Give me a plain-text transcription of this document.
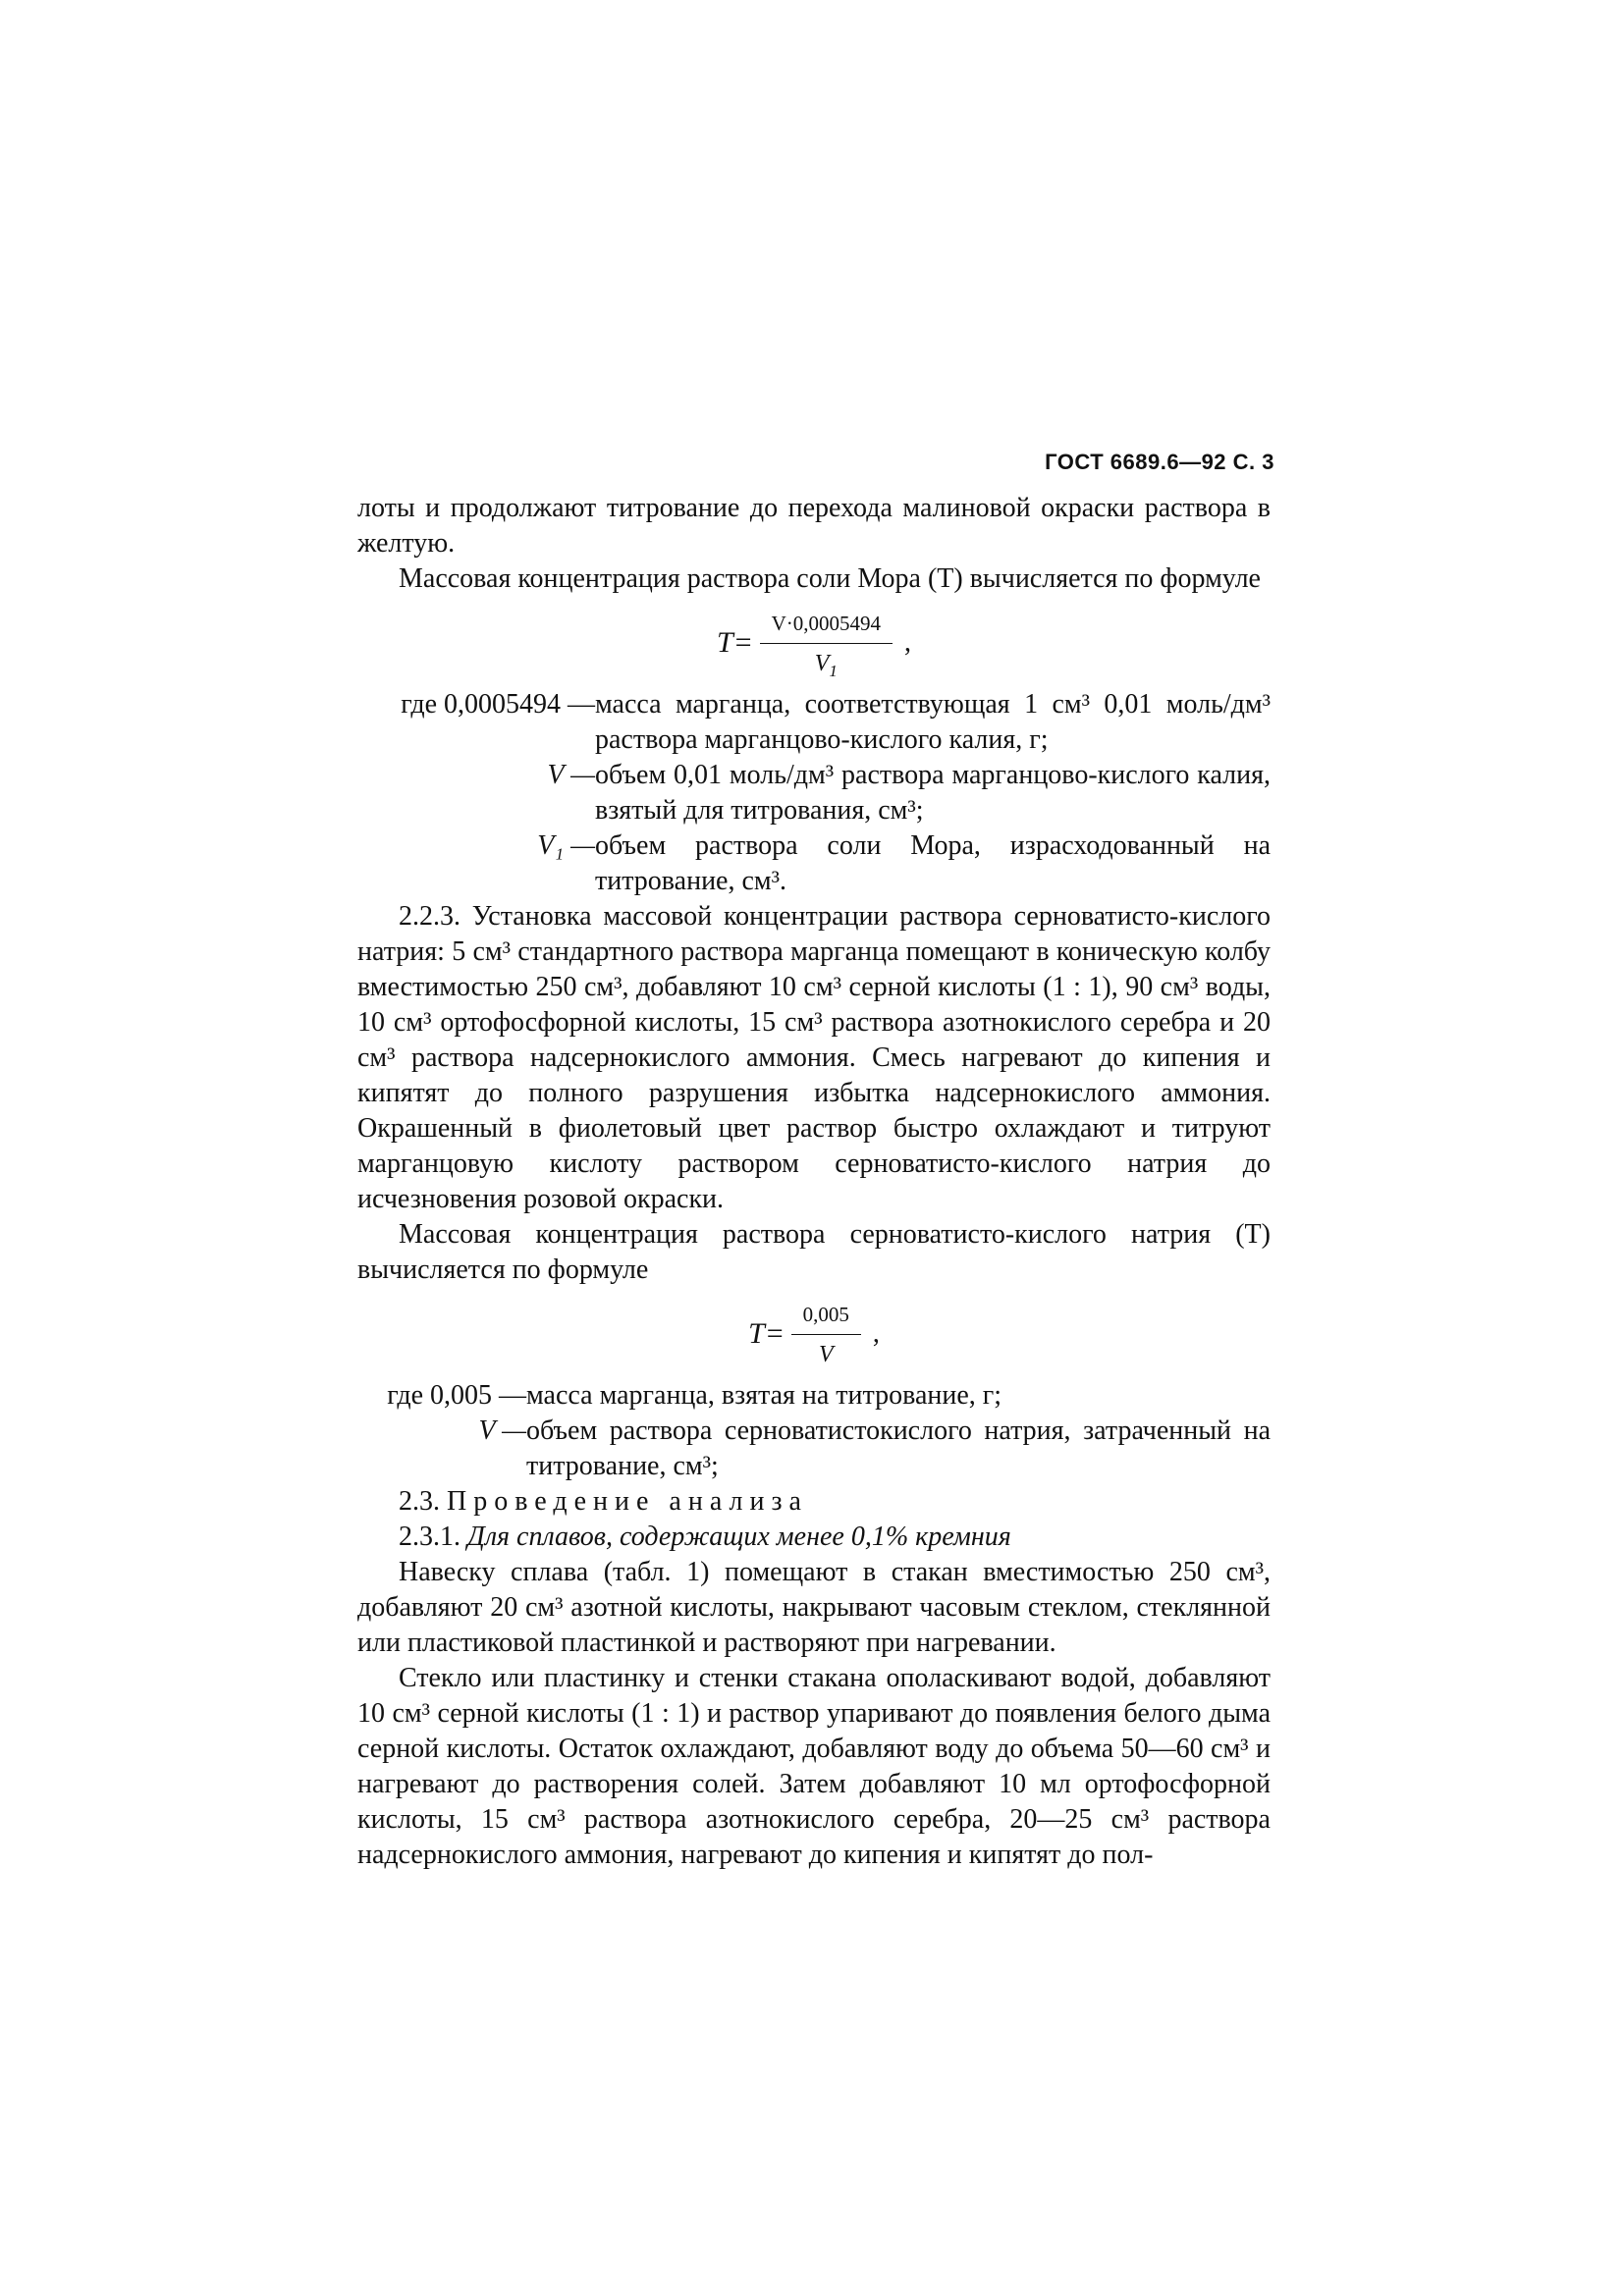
ГОСТ 6689.6—92 С. 3

лоты и продолжают титрование до перехода малиновой окраски раствора в желтую.

Массовая концентрация раствора соли Мора (T) вычисляется по формуле

$T = \frac{V\cdot 0,0005494}{V_1}$ ,
где 0,0005494 — масса марганца, соответствующая 1 см³ 0,01 моль/дм³ раствора марганцово-кислого калия, г;
V — объем 0,01 моль/дм³ раствора марганцово-кислого калия, взятый для титрования, см³;
V₁ — объем раствора соли Мора, израсходованный на титрование, см³.

2.2.3. Установка массовой концентрации раствора серноватисто-кислого натрия: 5 см³ стандартного раствора марганца помещают в коническую колбу вместимостью 250 см³, добавляют 10 см³ серной кислоты (1 : 1), 90 см³ воды, 10 см³ ортофосфорной кислоты, 15 см³ раствора азотнокислого серебра и 20 см³ раствора надсернокислого аммония. Смесь нагревают до кипения и кипятят до полного разрушения избытка надсернокислого аммония. Окрашенный в фиолетовый цвет раствор быстро охлаждают и титруют марганцовую кислоту раствором серноватисто-кислого натрия до исчезновения розовой окраски.

Массовая концентрация раствора серноватисто-кислого натрия (T) вычисляется по формуле

$T = \frac{0,005}{V}$ ,
где 0,005 — масса марганца, взятая на титрование, г;
V — объем раствора серноватистокислого натрия, затраченный на титрование, см³;

2.3. Проведение анализа

2.3.1. Для сплавов, содержащих менее 0,1% кремния

Навеску сплава (табл. 1) помещают в стакан вместимостью 250 см³, добавляют 20 см³ азотной кислоты, накрывают часовым стеклом, стеклянной или пластиковой пластинкой и растворяют при нагревании.

Стекло или пластинку и стенки стакана ополаскивают водой, добавляют 10 см³ серной кислоты (1 : 1) и раствор упаривают до появления белого дыма серной кислоты. Остаток охлаждают, добавляют воду до объема 50—60 см³ и нагревают до растворения солей. Затем добавляют 10 мл ортофосфорной кислоты, 15 см³ раствора азотнокислого серебра, 20—25 см³ раствора надсернокислого аммония, нагревают до кипения и кипятят до пол-
